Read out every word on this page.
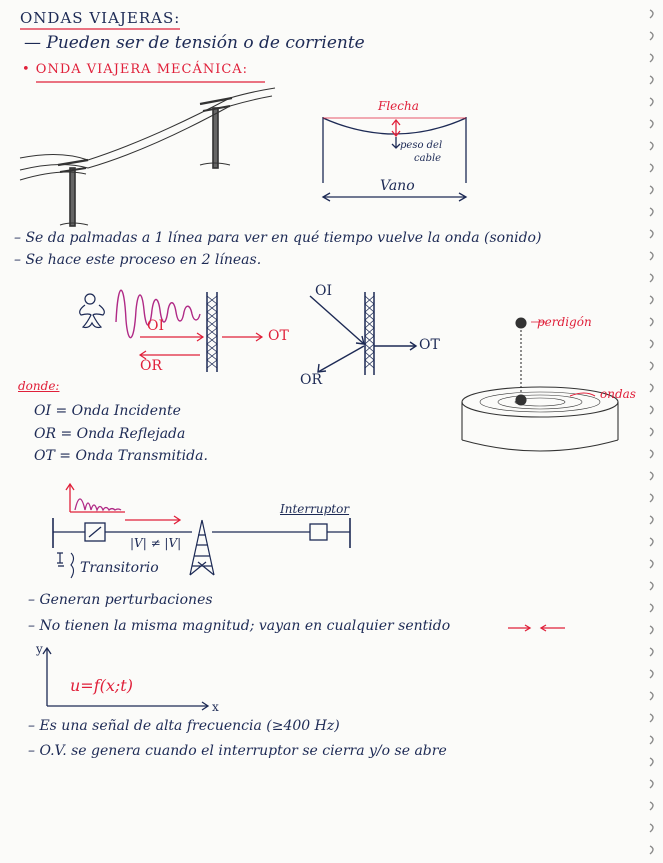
ONDAS VIAJERAS:
— Pueden ser de tensión o de corriente
• ONDA VIAJERA MECÁNICA:
Flecha
peso del
cable
Vano
– Se da palmadas a 1 línea para ver en qué tiempo vuelve la onda (sonido)
– Se hace este proceso en 2 líneas.
OI
OT
OR
OI
OT
OR
perdigón
ondas
donde:
OI = Onda Incidente
OR = Onda Reflejada
OT = Onda Transmitida.
Interruptor
|V| ≠ |V|
Transitorio
– Generan perturbaciones
– No tienen la misma magnitud; vayan en cualquier sentido
y
x
u=f(x;t)
– Es una señal de alta frecuencia (≥400 Hz)
– O.V. se genera cuando el interruptor se cierra y/o se abre
